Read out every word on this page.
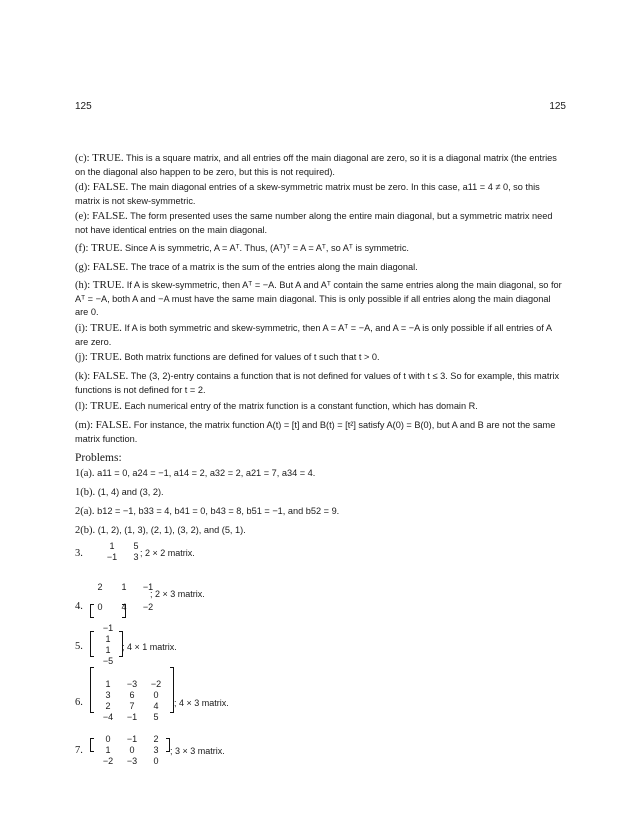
125	125
(c): TRUE. This is a square matrix, and all entries off the main diagonal are zero, so it is a diagonal matrix (the entries on the diagonal also happen to be zero, but this is not required).
(d): FALSE. The main diagonal entries of a skew-symmetric matrix must be zero. In this case, a11 = 4 ≠ 0, so this matrix is not skew-symmetric.
(e): FALSE. The form presented uses the same number along the entire main diagonal, but a symmetric matrix need not have identical entries on the main diagonal.
(f): TRUE. Since A is symmetric, A = Aᵀ. Thus, (Aᵀ)ᵀ = A = Aᵀ, so Aᵀ is symmetric.
(g): FALSE. The trace of a matrix is the sum of the entries along the main diagonal.
(h): TRUE. If A is skew-symmetric, then Aᵀ = −A. But A and Aᵀ contain the same entries along the main diagonal, so for Aᵀ = −A, both A and −A must have the same main diagonal. This is only possible if all entries along the main diagonal are 0.
(i): TRUE. If A is both symmetric and skew-symmetric, then A = Aᵀ = −A, and A = −A is only possible if all entries of A are zero.
(j): TRUE. Both matrix functions are defined for values of t such that t > 0.
(k): FALSE. The (3, 2)-entry contains a function that is not defined for values of t with t ≤ 3. So for example, this matrix functions is not defined for t = 2.
(l): TRUE. Each numerical entry of the matrix function is a constant function, which has domain R.
(m): FALSE. For instance, the matrix function A(t) = [t] and B(t) = [t²] satisfy A(0) = B(0), but A and B are not the same matrix function.
Problems:
1(a). a11 = 0, a24 = −1, a14 = 2, a32 = 2, a21 = 7, a34 = 4.
1(b). (1, 4) and (3, 2).
2(a). b12 = −1, b33 = 4, b41 = 0, b43 = 8, b51 = −1, and b52 = 9.
2(b). (1, 2), (1, 3), (2, 1), (3, 2), and (5, 1).
3.
1 5
−1 3 ; 2 × 2 matrix.
4.
2 1 −1
0 4 −2
; 2 × 3 matrix.
5.
−1
1
1
−5
; 4 × 1 matrix.
6.
1 −3 −2
3 6 0
2 7 4
−4 −1 5
; 4 × 3 matrix.
7.
0 −1 2
1 0 3
−2 −3 0
; 3 × 3 matrix.
